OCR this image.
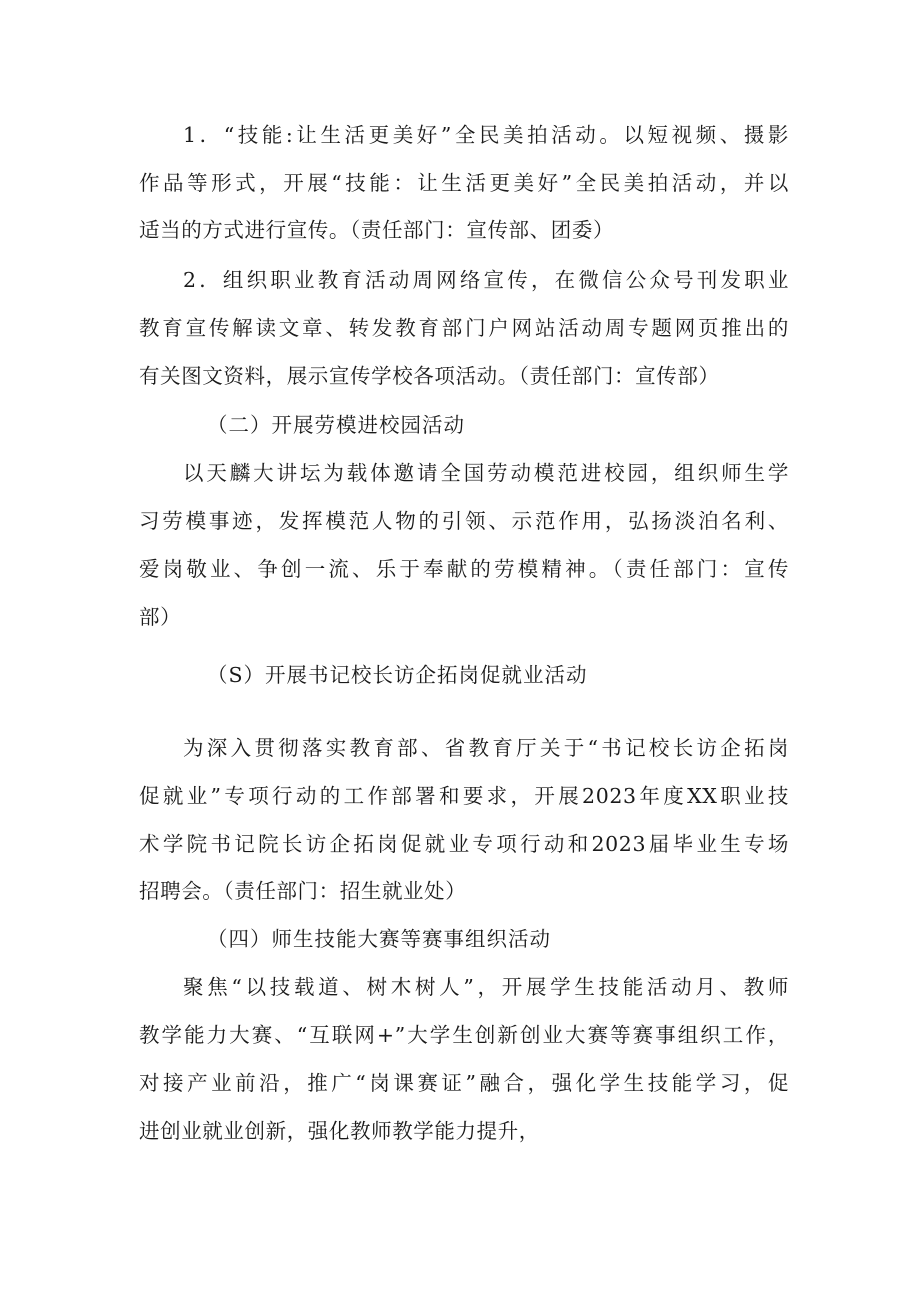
1．“技能:让生活更美好”全民美拍活动。以短视频、摄影
作品等形式，开展“技能：让生活更美好”全民美拍活动，并以
适当的方式进行宣传。（责任部门：宣传部、团委）
2．组织职业教育活动周网络宣传，在微信公众号刊发职业
教育宣传解读文章、转发教育部门户网站活动周专题网页推出的
有关图文资料，展示宣传学校各项活动。（责任部门：宣传部）
（二）开展劳模进校园活动
以天麟大讲坛为载体邀请全国劳动模范进校园，组织师生学
习劳模事迹，发挥模范人物的引领、示范作用，弘扬淡泊名利、
爱岗敬业、争创一流、乐于奉献的劳模精神。（责任部门：宣传
部）
（S）开展书记校长访企拓岗促就业活动
为深入贯彻落实教育部、省教育厅关于“书记校长访企拓岗
促就业”专项行动的工作部署和要求，开展2023年度XX职业技
术学院书记院长访企拓岗促就业专项行动和2023届毕业生专场
招聘会。（责任部门：招生就业处）
（四）师生技能大赛等赛事组织活动
聚焦“以技载道、树木树人”，开展学生技能活动月、教师
教学能力大赛、“互联网+”大学生创新创业大赛等赛事组织工作，
对接产业前沿，推广“岗课赛证”融合，强化学生技能学习，促
进创业就业创新，强化教师教学能力提升，
